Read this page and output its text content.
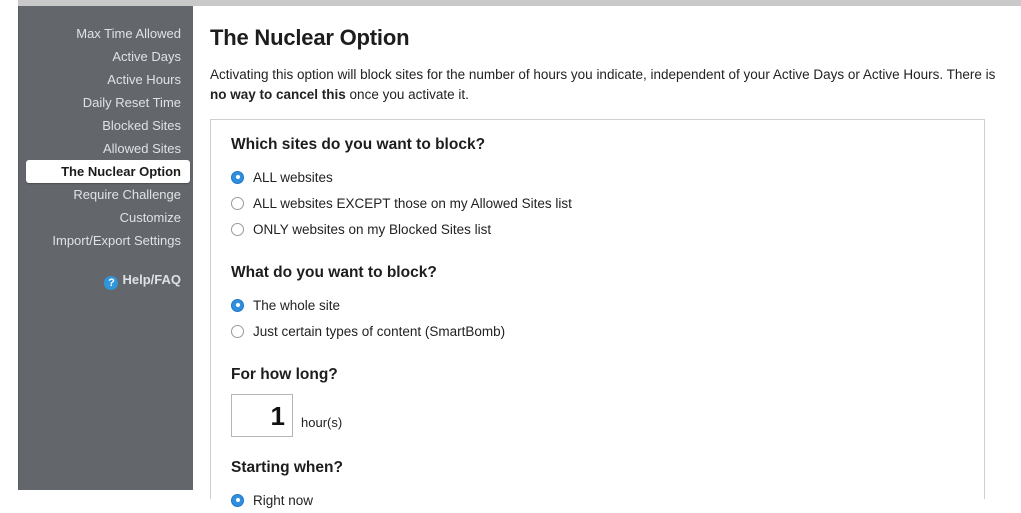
Max Time Allowed
Active Days
Active Hours
Daily Reset Time
Blocked Sites
Allowed Sites
The Nuclear Option
Require Challenge
Customize
Import/Export Settings
? Help/FAQ
The Nuclear Option
Activating this option will block sites for the number of hours you indicate, independent of your Active Days or Active Hours. There is no way to cancel this once you activate it.
Which sites do you want to block?
ALL websites
ALL websites EXCEPT those on my Allowed Sites list
ONLY websites on my Blocked Sites list
What do you want to block?
The whole site
Just certain types of content (SmartBomb)
For how long?
1	hour(s)
Starting when?
Right now
